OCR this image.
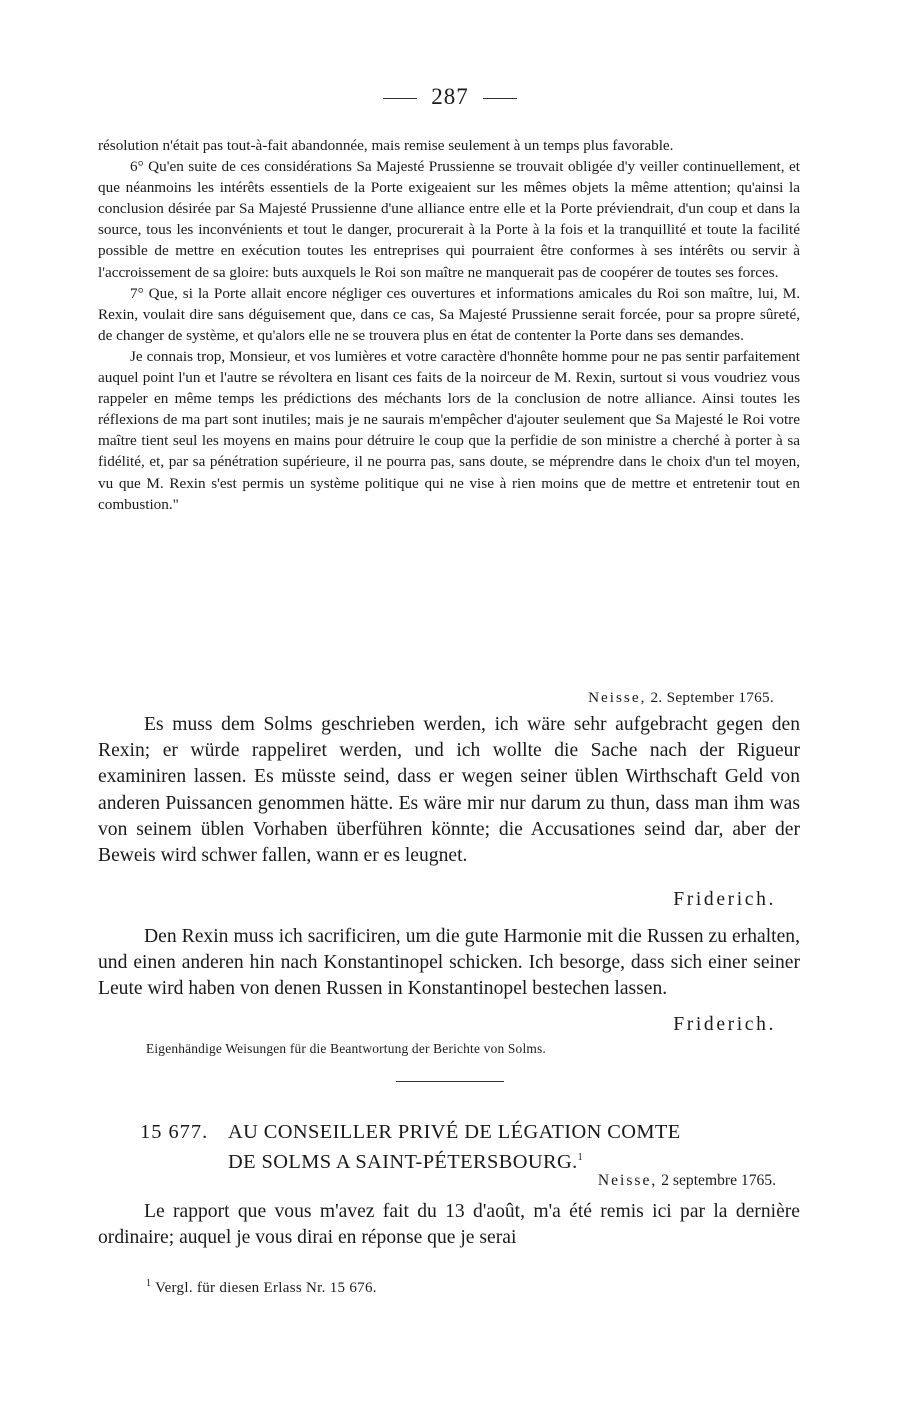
287

résolution n'était pas tout-à-fait abandonnée, mais remise seulement à un temps plus favorable.

6° Qu'en suite de ces considérations Sa Majesté Prussienne se trouvait obligée d'y veiller continuellement, et que néanmoins les intérêts essentiels de la Porte exigeaient sur les mêmes objets la même attention; qu'ainsi la conclusion désirée par Sa Majesté Prussienne d'une alliance entre elle et la Porte préviendrait, d'un coup et dans la source, tous les inconvénients et tout le danger, procurerait à la Porte à la fois et la tranquillité et toute la facilité possible de mettre en exécution toutes les entreprises qui pourraient être conformes à ses intérêts ou servir à l'accroissement de sa gloire: buts auxquels le Roi son maître ne manquerait pas de coopérer de toutes ses forces.

7° Que, si la Porte allait encore négliger ces ouvertures et informations amicales du Roi son maître, lui, M. Rexin, voulait dire sans déguisement que, dans ce cas, Sa Majesté Prussienne serait forcée, pour sa propre sûreté, de changer de système, et qu'alors elle ne se trouvera plus en état de contenter la Porte dans ses demandes.

Je connais trop, Monsieur, et vos lumières et votre caractère d'honnête homme pour ne pas sentir parfaitement auquel point l'un et l'autre se révoltera en lisant ces faits de la noirceur de M. Rexin, surtout si vous voudriez vous rappeler en même temps les prédictions des méchants lors de la conclusion de notre alliance. Ainsi toutes les réflexions de ma part sont inutiles; mais je ne saurais m'empêcher d'ajouter seulement que Sa Majesté le Roi votre maître tient seul les moyens en mains pour détruire le coup que la perfidie de son ministre a cherché à porter à sa fidélité, et, par sa pénétration supérieure, il ne pourra pas, sans doute, se méprendre dans le choix d'un tel moyen, vu que M. Rexin s'est permis un système politique qui ne vise à rien moins que de mettre et entretenir tout en combustion."

Neisse, 2. September 1765.

Es muss dem Solms geschrieben werden, ich wäre sehr aufgebracht gegen den Rexin; er würde rappeliret werden, und ich wollte die Sache nach der Rigueur examiniren lassen. Es müsste seind, dass er wegen seiner üblen Wirthschaft Geld von anderen Puissancen genommen hätte. Es wäre mir nur darum zu thun, dass man ihm was von seinem üblen Vorhaben überführen könnte; die Accusationes seind dar, aber der Beweis wird schwer fallen, wann er es leugnet.

Friderich.

Den Rexin muss ich sacrificiren, um die gute Harmonie mit die Russen zu erhalten, und einen anderen hin nach Konstantinopel schicken. Ich besorge, dass sich einer seiner Leute wird haben von denen Russen in Konstantinopel bestechen lassen.

Friderich.
Eigenhändige Weisungen für die Beantwortung der Berichte von Solms.
15 677. AU CONSEILLER PRIVÉ DE LÉGATION COMTE
DE SOLMS A SAINT-PÉTERSBOURG.$^1$
Neisse, 2 septembre 1765.

Le rapport que vous m'avez fait du 13 d'août, m'a été remis ici par la dernière ordinaire; auquel je vous dirai en réponse que je serai

$^1$ Vergl. für diesen Erlass Nr. 15 676.
